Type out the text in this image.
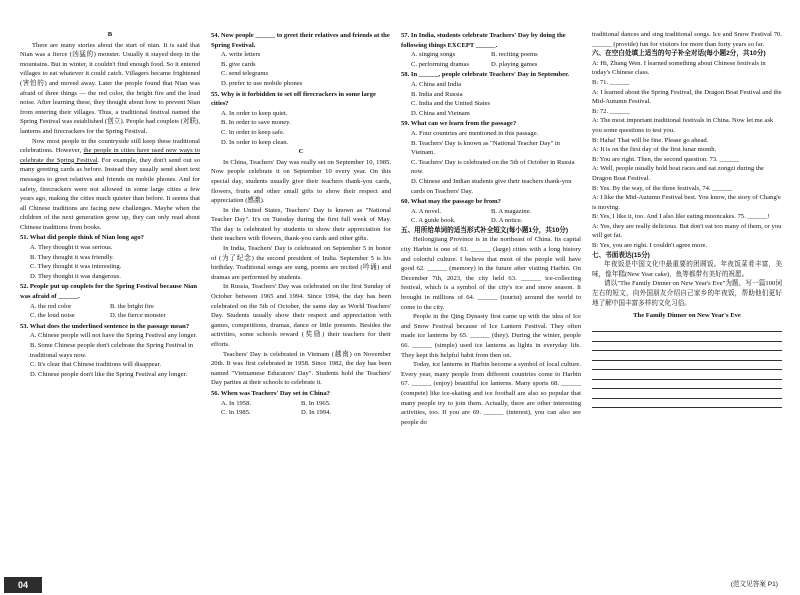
B

There are many stories about the start of nian. It is said that Nian was a fierce (凶猛的) monster. Usually it stayed deep in the mountains. But in winter, it couldn't find enough food. So it entered villages to eat whatever it could catch. Villagers became frightened (害怕的) and moved away. Later the people found that Nian was afraid of three things — the red color, the bright fire and the loud noise. After learning these, they thought about how to prevent Nian from entering their villages. Thus, a traditional festival named the Spring Festival was established (创立). People had couplets (对联), lanterns and firecrackers for the Spring Festival.

Now most people in the countryside still keep these traditional celebrations. However, the people in cities have used new ways to celebrate the Spring Festival. For example, they don't send out so many greeting cards as before. Instead they usually send short text messages to greet relatives and friends on mobile phones. And for safety, firecrackers were not allowed in some large cities a few years ago, making the cities much quieter than before. It seems that all Chinese traditions are facing new challenges. Maybe when the children of the next generation grow up, they can only read about Chinese traditions from books.

51. What did people think of Nian long ago?
A. They thought it was serious.
B. They thought it was friendly.
C. They thought it was interesting.
D. They thought it was dangerous.
52. People put up couplets for the Spring Festival because Nian was afraid of ______.
A. the red color	B. the bright fire
C. the loud noise	D. the fierce monster
53. What does the underlined sentence in the passage mean?
A. Chinese people will not have the Spring Festival any longer.
B. Some Chinese people don't celebrate the Spring Festival in traditional ways now.
C. It's clear that Chinese traditions will disappear.
D. Chinese people don't like the Spring Festival any longer.
54. Now people ______ to greet their relatives and friends at the Spring Festival.
A. write letters
B. give cards
C. send telegrams
D. prefer to use mobile phones
55. Why is it forbidden to set off firecrackers in some large cities?
A. In order to keep quiet.
B. In order to save money.
C. In order to keep safe.
D. In order to keep clean.
C

In China, Teachers' Day was really set on September 10, 1985. Now people celebrate it on September 10 every year. On this special day, students usually give their teachers thank-you cards, flowers, fruits and other small gifts to show their respect and appreciation (感激).

In the United States, Teachers' Day is known as "National Teacher Day". It's on Tuesday during the first full week of May. The day is celebrated by students to show their appreciation for their teachers with flowers, thank-you cards and other gifts.

In India, Teachers' Day is celebrated on September 5 in honor of (为了纪念) the second president of India. September 5 is his birthday. Traditional songs are sung, poems are recited (吟诵) and dramas are performed by students.

In Russia, Teachers' Day was celebrated on the first Sunday of October between 1965 and 1994. Since 1994, the day has been celebrated on the 5th of October, the same day as World Teachers' Day. Students usually show their respect and appreciation with games, competitions, dramas, dance or little presents. Besides the activities, some schools reward (奖励) their teachers for their efforts.

Teachers' Day is celebrated in Vietnam (越南) on November 20th. It was first celebrated in 1958. Since 1982, the day has been named "Vietnamese Educators' Day". Students hold the Teachers' Day parties at their schools to celebrate it.

56. When was Teachers' Day set in China?
A. In 1958.	B. In 1965.
C. In 1985.	D. In 1994.
57. In India, students celebrate Teachers' Day by doing the following things EXCEPT ______.
A. singing songs	B. reciting poems
C. performing dramas	D. playing games
58. In ______, people celebrate Teachers' Day in September.
A. China and India
B. India and Russia
C. India and the United States
D. China and Vietnam
59. What can we learn from the passage?
A. Four countries are mentioned in this passage.
B. Teachers' Day is known as "National Teacher Day" in Vietnam.
C. Teachers' Day is celebrated on the 5th of October in Russia now.
D. Chinese and Indian students give their teachers thank-you cards on Teachers' Day.
60. What may the passage be from?
A. A novel.	B. A magazine.
C. A guide book.	D. A notice.
五、用所给单词的适当形式补全短文(每小题1分，共10分)

Heilongjiang Province is in the northeast of China. Its capital city Harbin is one of 61. ______ (large) cities with a long history and colorful culture. I believe that most of the people will have good 62. ______ (memory) in the future after visiting Harbin. On December 7th, 2023, the city held 63. ______ ice-collecting festival, which is a symbol of the city's ice and snow season. It brought in millions of 64. ______ (tourist) around the world to come to the city.

People in the Qing Dynasty first came up with the idea of Ice and Snow Festival because of Ice Lantern Festival. They often made ice lanterns by 65. ______ (they). During the winter, people 66. ______ (simple) used ice lanterns as lights in everyday life. They kept this helpful habit from then on.

Today, ice lanterns in Harbin become a symbol of local culture. Every year, many people from different countries come to Harbin 67. ______ (enjoy) beautiful ice lanterns. Many sports 68. ______ (compete) like ice-skating and ice football are also so popular that many people try to join them. Actually, there are other interesting activities, too. If you are 69. ______ (interest), you can also see people do

traditional dances and sing traditional songs. Ice and Snow Festival 70. ______ (provide) fun for visitors for more than forty years so far.

六、在空白处填上适当的句子补全对话(每小题2分，共10分)
A: Hi, Zhang Wen. I learned something about Chinese festivals in today's Chinese class.
B: 71. ______
A: I learned about the Spring Festival, the Dragon Boat Festival and the Mid-Autumn Festival.
B: 72. ______
A: The most important traditional festivals in China. Now let me ask you some questions to test you.
B: Haha! That will be fine. Please go ahead.
A: It is on the first day of the first lunar month.
B: You are right. Then, the second question. 73. ______
A: Well, people usually hold boat races and eat zongzi during the Dragon Boat Festival.
B: Yes. By the way, of the three festivals, 74. ______
A: I like the Mid-Autumn Festival best. You know, the story of Chang'e is moving.
B: Yes, I like it, too. And I also like eating mooncakes. 75. ______!
A: Yes, they are really delicious. But don't eat too many of them, or you will get fat.
B: Yes, you are right. I couldn't agree more.
七、书面表达(15分)

年夜饭是中国文化中最重要的团圆饭。年夜饭菜肴丰富，美味，像年糕(New Year cake)，鱼等都带有美好的祝愿。

请以"The Family Dinner on New Year's Eve"为题，写一篇100词左右的短文，向外国朋友介绍自己家乡的年夜饭，帮助他们更好地了解中国丰富多样的文化习俗。

The Family Dinner on New Year's Eve
(范文见答案 P1)
04
